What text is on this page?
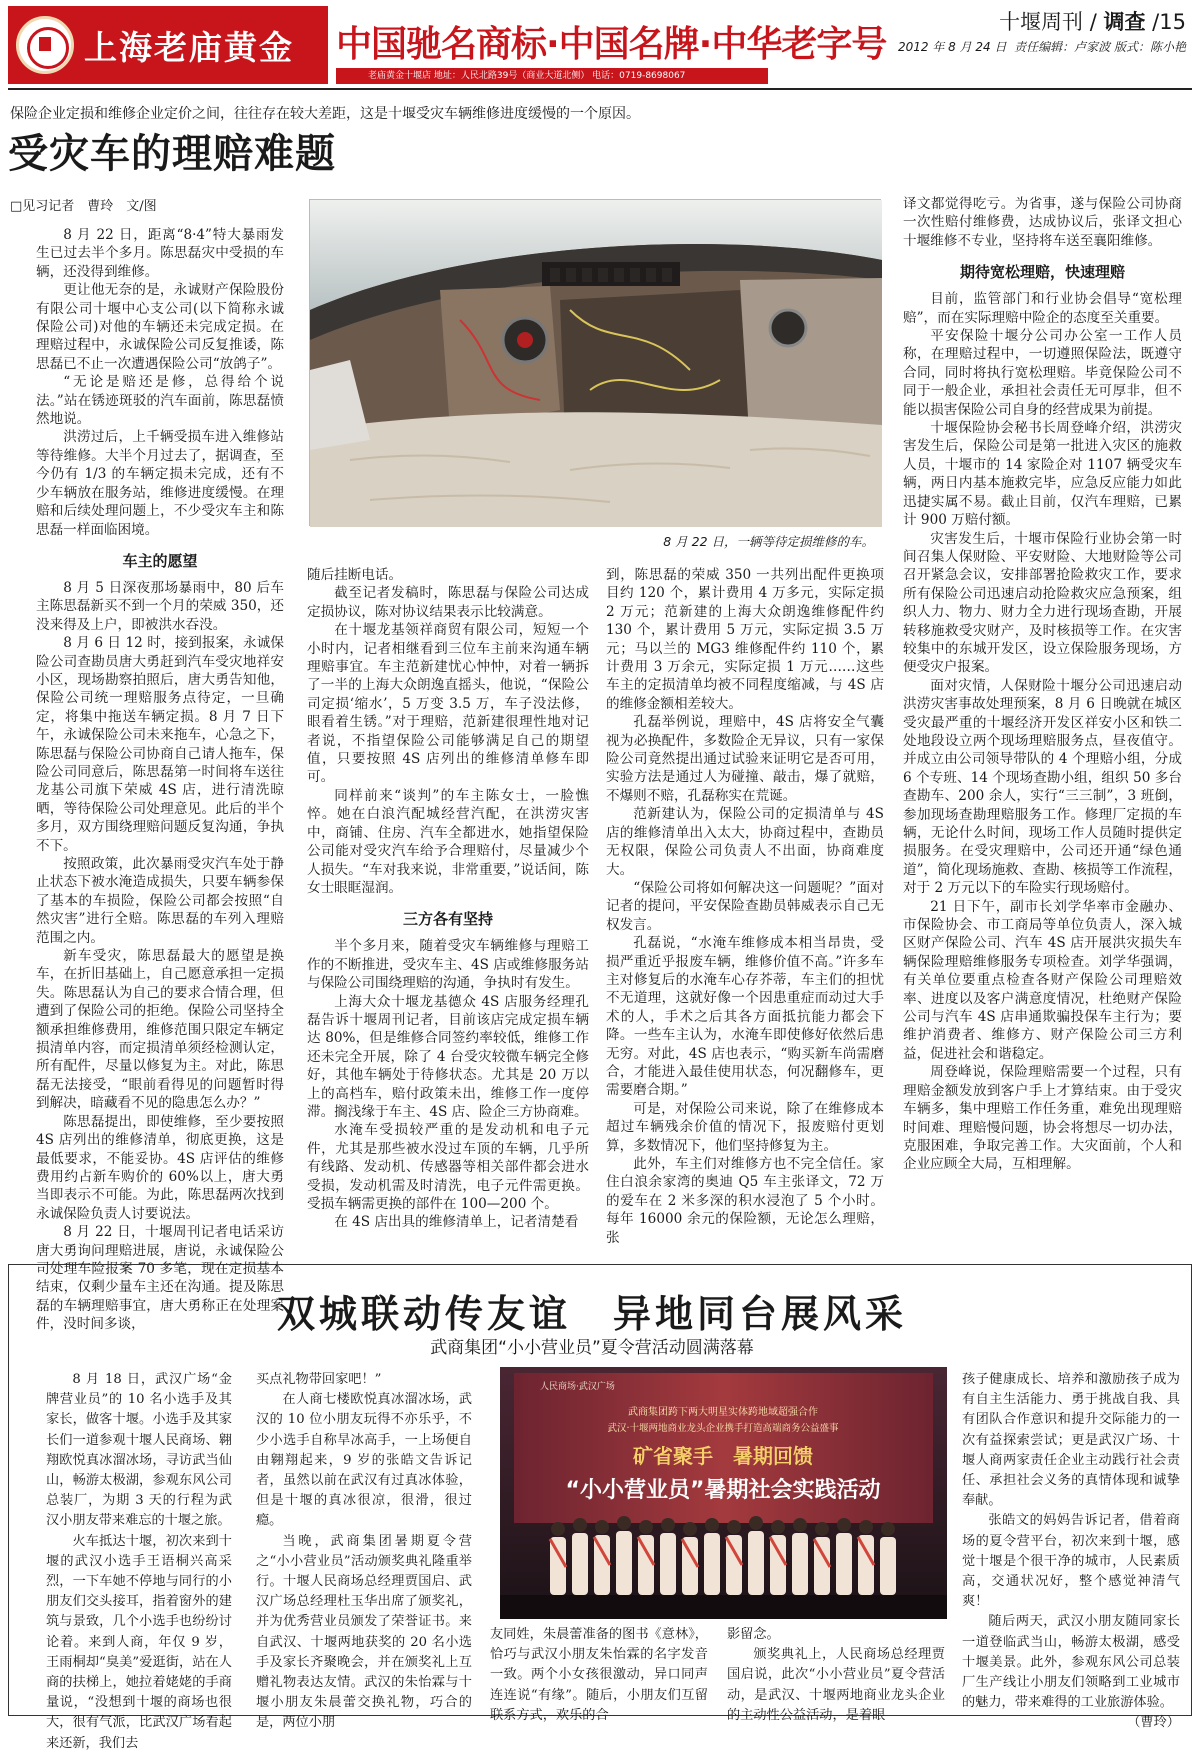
上海老庙黄金 中国驰名商标·中国名牌·中华老字号
老庙黄金十堰店 地址：人民北路39号（商业大道北侧） 电话：0719-8698067
十堰周刊 / 调查 /15
2012 年 8 月 24 日 责任编辑：卢家波 版式：陈小艳
保险企业定损和维修企业定价之间，往往存在较大差距，这是十堰受灾车辆维修进度缓慢的一个原因。
受灾车的理赔难题
□见习记者　曹玲　文/图

8 月 22 日，距离“8·4”特大暴雨发生已过去半个多月。陈思磊灾中受损的车辆，还没得到维修。

更让他无奈的是，永诚财产保险股份有限公司十堰中心支公司(以下简称永诚保险公司)对他的车辆还未完成定损。在理赔过程中，永诚保险公司反复推诿，陈思磊已不止一次遭遇保险公司“放鸽子”。

“无论是赔还是修，总得给个说法。”站在锈迹斑驳的汽车面前，陈思磊愤然地说。

洪涝过后，上千辆受损车进入维修站等待维修。大半个月过去了，据调查，至今仍有 1/3 的车辆定损未完成，还有不少车辆放在服务站，维修进度缓慢。在理赔和后续处理问题上，不少受灾车主和陈思磊一样面临困境。

车主的愿望

8 月 5 日深夜那场暴雨中，80 后车主陈思磊新买不到一个月的荣威 350，还没来得及上户，即被洪水吞没。

8 月 6 日 12 时，接到报案，永诚保险公司查勘员唐大勇赶到汽车受灾地祥安小区，现场勘察拍照后，唐大勇告知他，保险公司统一理赔服务点待定，一旦确定，将集中拖送车辆定损。8 月 7 日下午，永诚保险公司未来拖车，心急之下，陈思磊与保险公司协商自己请人拖车，保险公司同意后，陈思磊第一时间将车送往龙基公司旗下荣威 4S 店，进行清洗晾晒，等待保险公司处理意见。此后的半个多月，双方围绕理赔问题反复沟通，争执不下。

按照政策，此次暴雨受灾汽车处于静止状态下被水淹造成损失，只要车辆参保了基本的车损险，保险公司都会按照“自然灾害”进行全赔。陈思磊的车列入理赔范围之内。

新车受灾，陈思磊最大的愿望是换车，在折旧基础上，自己愿意承担一定损失。陈思磊认为自己的要求合情合理，但遭到了保险公司的拒绝。保险公司坚持全额承担维修费用，维修范围只限定车辆定损清单内容，而定损清单须经检测认定，所有配件，尽量以修复为主。对此，陈思磊无法接受，“眼前看得见的问题暂时得到解决，暗藏看不见的隐患怎么办？”

陈思磊提出，即使维修，至少要按照 4S 店列出的维修清单，彻底更换，这是最低要求，不能妥协。4S 店评估的维修费用约占新车购价的 60%以上，唐大勇当即表示不可能。为此，陈思磊两次找到永诚保险负责人讨要说法。

8 月 22 日，十堰周刊记者电话采访唐大勇询问理赔进展，唐说，永诚保险公司处理车险报案 70 多笔，现在定损基本结束，仅剩少量车主还在沟通。提及陈思磊的车辆理赔事宜，唐大勇称正在处理案件，没时间多谈，

随后挂断电话。

截至记者发稿时，陈思磊与保险公司达成定损协议，陈对协议结果表示比较满意。

在十堰龙基领祥商贸有限公司，短短一个小时内，记者相继看到三位车主前来沟通车辆理赔事宜。车主范新建忧心忡忡，对着一辆拆了一半的上海大众朗逸直摇头，他说，“保险公司定损‘缩水’，5 万变 3.5 万，车子没法修，眼看着生锈。”对于理赔，范新建很理性地对记者说，不指望保险公司能够满足自己的期望值，只要按照 4S 店列出的维修清单修车即可。

同样前来“谈判”的车主陈女士，一脸憔悴。她在白浪汽配城经营汽配，在洪涝灾害中，商铺、住房、汽车全都进水，她指望保险公司能对受灾汽车给予合理赔付，尽量减少个人损失。“车对我来说，非常重要，”说话间，陈女士眼眶湿润。

三方各有坚持

半个多月来，随着受灾车辆维修与理赔工作的不断推进，受灾车主、4S 店或维修服务站与保险公司围绕理赔的沟通，争执时有发生。

上海大众十堰龙基德众 4S 店服务经理孔磊告诉十堰周刊记者，目前该店完成定损车辆达 80%，但是维修合同签约率较低，维修工作还未完全开展，除了 4 台受灾较微车辆完全修好，其他车辆处于待修状态。尤其是 20 万以上的高档车，赔付政策未出，维修工作一度停滞。搁浅缘于车主、4S 店、险企三方协商难。

水淹车受损较严重的是发动机和电子元件，尤其是那些被水没过车顶的车辆，几乎所有线路、发动机、传感器等相关部件都会进水受损，发动机需及时清洗，电子元件需更换。受损车辆需更换的部件在 100—200 个。

在 4S 店出具的维修清单上，记者清楚看

到，陈思磊的荣威 350 一共列出配件更换项目约 120 个，累计费用 4 万多元，实际定损 2 万元；范新建的上海大众朗逸维修配件约 130 个，累计费用 5 万元，实际定损 3.5 万元；马以兰的 MG3 维修配件约 110 个，累计费用 3 万余元，实际定损 1 万元……这些车主的定损清单均被不同程度缩减，与 4S 店的维修金额相差较大。

孔磊举例说，理赔中，4S 店将安全气囊视为必换配件，多数险企无异议，只有一家保险公司竟然提出通过试验来证明它是否可用，实验方法是通过人为碰撞、敲击，爆了就赔，不爆则不赔，孔磊称实在荒诞。

范新建认为，保险公司的定损清单与 4S 店的维修清单出入太大，协商过程中，查勘员无权限，保险公司负责人不出面，协商难度大。

“保险公司将如何解决这一问题呢？”面对记者的提问，平安保险查勘员韩威表示自己无权发言。

孔磊说，“水淹车维修成本相当昂贵，受损严重近乎报废车辆，维修价值不高。”许多车主对修复后的水淹车心存芥蒂，车主们的担忧不无道理，这就好像一个因患重症而动过大手术的人，手术之后其各方面抵抗能力都会下降。一些车主认为，水淹车即使修好依然后患无穷。对此，4S 店也表示，“购买新车尚需磨合，才能进入最佳使用状态，何况翻修车，更需要磨合期。”

可是，对保险公司来说，除了在维修成本超过车辆残余价值的情况下，报废赔付更划算，多数情况下，他们坚持修复为主。

此外，车主们对维修方也不完全信任。家住白浪余家湾的奥迪 Q5 车主张译文，72 万的爱车在 2 米多深的积水浸泡了 5 个小时。每年 16000 余元的保险额，无论怎么理赔，张

译文都觉得吃亏。为省事，遂与保险公司协商一次性赔付维修费，达成协议后，张译文担心十堰维修不专业，坚持将车送至襄阳维修。

期待宽松理赔，快速理赔

目前，监管部门和行业协会倡导“宽松理赔”，而在实际理赔中险企的态度至关重要。

平安保险十堰分公司办公室一工作人员称，在理赔过程中，一切遵照保险法，既遵守合同，同时将执行宽松理赔。毕竟保险公司不同于一般企业，承担社会责任无可厚非，但不能以损害保险公司自身的经营成果为前提。

十堰保险协会秘书长周登峰介绍，洪涝灾害发生后，保险公司是第一批进入灾区的施救人员，十堰市的 14 家险企对 1107 辆受灾车辆，两日内基本施救完毕，应急反应能力如此迅捷实属不易。截止目前，仅汽车理赔，已累计 900 万赔付额。

灾害发生后，十堰市保险行业协会第一时间召集人保财险、平安财险、大地财险等公司召开紧急会议，安排部署抢险救灾工作，要求所有保险公司迅速启动抢险救灾应急预案，组织人力、物力、财力全力进行现场查勘，开展转移施救受灾财产，及时核损等工作。在灾害较集中的东城开发区，设立保险服务现场，方便受灾户报案。

面对灾情，人保财险十堰分公司迅速启动洪涝灾害事故处理预案，8 月 6 日晚就在城区受灾最严重的十堰经济开发区祥安小区和铁二处地段设立两个现场理赔服务点，昼夜值守。并成立由公司领导带队的 4 个理赔小组，分成 6 个专班、14 个现场查勘小组，组织 50 多台查勘车、200 余人，实行“三三制”，3 班倒，参加现场查勘理赔服务工作。修理厂定损的车辆，无论什么时间，现场工作人员随时提供定损服务。在受灾理赔中，公司还开通“绿色通道”，简化现场施救、查勘、核损等工作流程，对于 2 万元以下的车险实行现场赔付。

21 日下午，副市长刘学华率市金融办、市保险协会、市工商局等单位负责人，深入城区财产保险公司、汽车 4S 店开展洪灾损失车辆保险理赔维修服务专项检查。刘学华强调，有关单位要重点检查各财产保险公司理赔效率、进度以及客户满意度情况，杜绝财产保险公司与汽车 4S 店串通欺骗投保车主行为；要维护消费者、维修方、财产保险公司三方利益，促进社会和谐稳定。

周登峰说，保险理赔需要一个过程，只有理赔金额发放到客户手上才算结束。由于受灾车辆多，集中理赔工作任务重，难免出现理赔时间难、理赔慢问题，协会将想尽一切办法，克服困难，争取完善工作。大灾面前，个人和企业应顾全大局，互相理解。

8 月 22 日，一辆等待定损维修的车。
双城联动传友谊　异地同台展风采
武商集团“小小营业员”夏令营活动圆满落幕

8 月 18 日，武汉广场“金牌营业员”的 10 名小选手及其家长，做客十堰。小选手及其家长们一道参观十堰人民商场、翱翔欧悦真冰溜冰场，寻访武当仙山，畅游太极湖，参观东风公司总装厂，为期 3 天的行程为武汉小朋友带来难忘的十堰之旅。

火车抵达十堰，初次来到十堰的武汉小选手王语桐兴高采烈，一下车她不停地与同行的小朋友们交头接耳，指着窗外的建筑与景致，几个小选手也纷纷讨论着。来到人商，年仅 9 岁，王雨桐却“臭美”爱逛街，站在人商的扶梯上，她拉着姥姥的手商量说，“没想到十堰的商场也很大，很有气派，比武汉广场看起来还新，我们去

买点礼物带回家吧！”

在人商七楼欧悦真冰溜冰场，武汉的 10 位小朋友玩得不亦乐乎，不少小选手自称旱冰高手，一上场便自由翱翔起来，9 岁的张皓文告诉记者，虽然以前在武汉有过真冰体验，但是十堰的真冰很凉，很滑，很过瘾。

当晚，武商集团暑期夏令营之“小小营业员”活动颁奖典礼隆重举行。十堰人民商场总经理贾国启、武汉广场总经理杜玉华出席了颁奖礼，并为优秀营业员颁发了荣誉证书。来自武汉、十堰两地获奖的 20 名小选手及家长齐聚晚会，并在颁奖礼上互赠礼物表达友情。武汉的朱怡霖与十堰小朋友朱晨蕾交换礼物，巧合的是，两位小朋

友同姓，朱晨蕾准备的图书《意林》，恰巧与武汉小朋友朱怡霖的名字发音一致。两个小女孩很激动，异口同声连连说“有缘”。随后，小朋友们互留联系方式，欢乐的合

影留念。

颁奖典礼上，人民商场总经理贾国启说，此次“小小营业员”夏令营活动，是武汉、十堰两地商业龙头企业的主动性公益活动，是着眼

孩子健康成长、培养和激励孩子成为有自主生活能力、勇于挑战自我、具有团队合作意识和提升交际能力的一次有益探索尝试；更是武汉广场、十堰人商两家责任企业主动践行社会责任、承担社会义务的真情体现和诚挚奉献。

张皓文的妈妈告诉记者，借着商场的夏令营平台，初次来到十堰，感觉十堰是个很干净的城市，人民素质高，交通状况好，整个感觉神清气爽！

随后两天，武汉小朋友随同家长一道登临武当山，畅游太极湖，感受十堰美景。此外，参观东风公司总装厂生产线让小朋友们领略到工业城市的魅力，带来难得的工业旅游体验。

（曹玲）

人民商场·武汉广场
武商集团跨下两大明星实体跨地域超强合作
武汉·十堰两地商业龙头企业携手打造高端商务公益盛事
矿省聚手　暑期回馈
“小小营业员”暑期社会实践活动
